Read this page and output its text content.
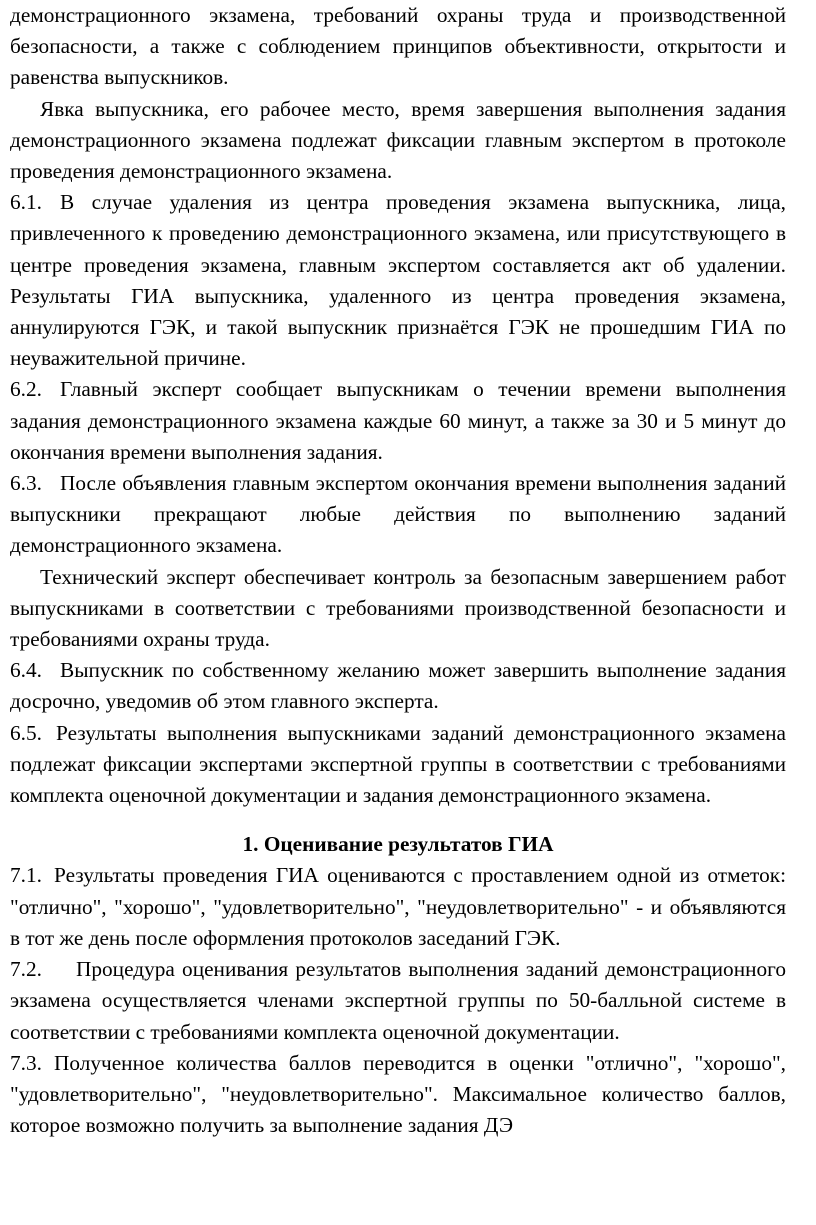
демонстрационного экзамена, требований охраны труда и производственной безопасности, а также с соблюдением принципов объективности, открытости и равенства выпускников.

Явка выпускника, его рабочее место, время завершения выполнения задания демонстрационного экзамена подлежат фиксации главным экспертом в протоколе проведения демонстрационного экзамена.

6.1. В случае удаления из центра проведения экзамена выпускника, лица, привлеченного к проведению демонстрационного экзамена, или присутствующего в центре проведения экзамена, главным экспертом составляется акт об удалении. Результаты ГИА выпускника, удаленного из центра проведения экзамена, аннулируются ГЭК, и такой выпускник признаётся ГЭК не прошедшим ГИА по неуважительной причине.

6.2. Главный эксперт сообщает выпускникам о течении времени выполнения задания демонстрационного экзамена каждые 60 минут, а также за 30 и 5 минут до окончания времени выполнения задания.

6.3. После объявления главным экспертом окончания времени выполнения заданий выпускники прекращают любые действия по выполнению заданий демонстрационного экзамена.

Технический эксперт обеспечивает контроль за безопасным завершением работ выпускниками в соответствии с требованиями производственной безопасности и требованиями охраны труда.

6.4. Выпускник по собственному желанию может завершить выполнение задания досрочно, уведомив об этом главного эксперта.

6.5. Результаты выполнения выпускниками заданий демонстрационного экзамена подлежат фиксации экспертами экспертной группы в соответствии с требованиями комплекта оценочной документации и задания демонстрационного экзамена.

1. Оценивание результатов ГИА

7.1. Результаты проведения ГИА оцениваются с проставлением одной из отметок: "отлично", "хорошо", "удовлетворительно", "неудовлетворительно" - и объявляются в тот же день после оформления протоколов заседаний ГЭК.

7.2. Процедура оценивания результатов выполнения заданий демонстрационного экзамена осуществляется членами экспертной группы по 50-балльной системе в соответствии с требованиями комплекта оценочной документации.

7.3. Полученное количества баллов переводится в оценки "отлично", "хорошо", "удовлетворительно", "неудовлетворительно". Максимальное количество баллов, которое возможно получить за выполнение задания ДЭ
